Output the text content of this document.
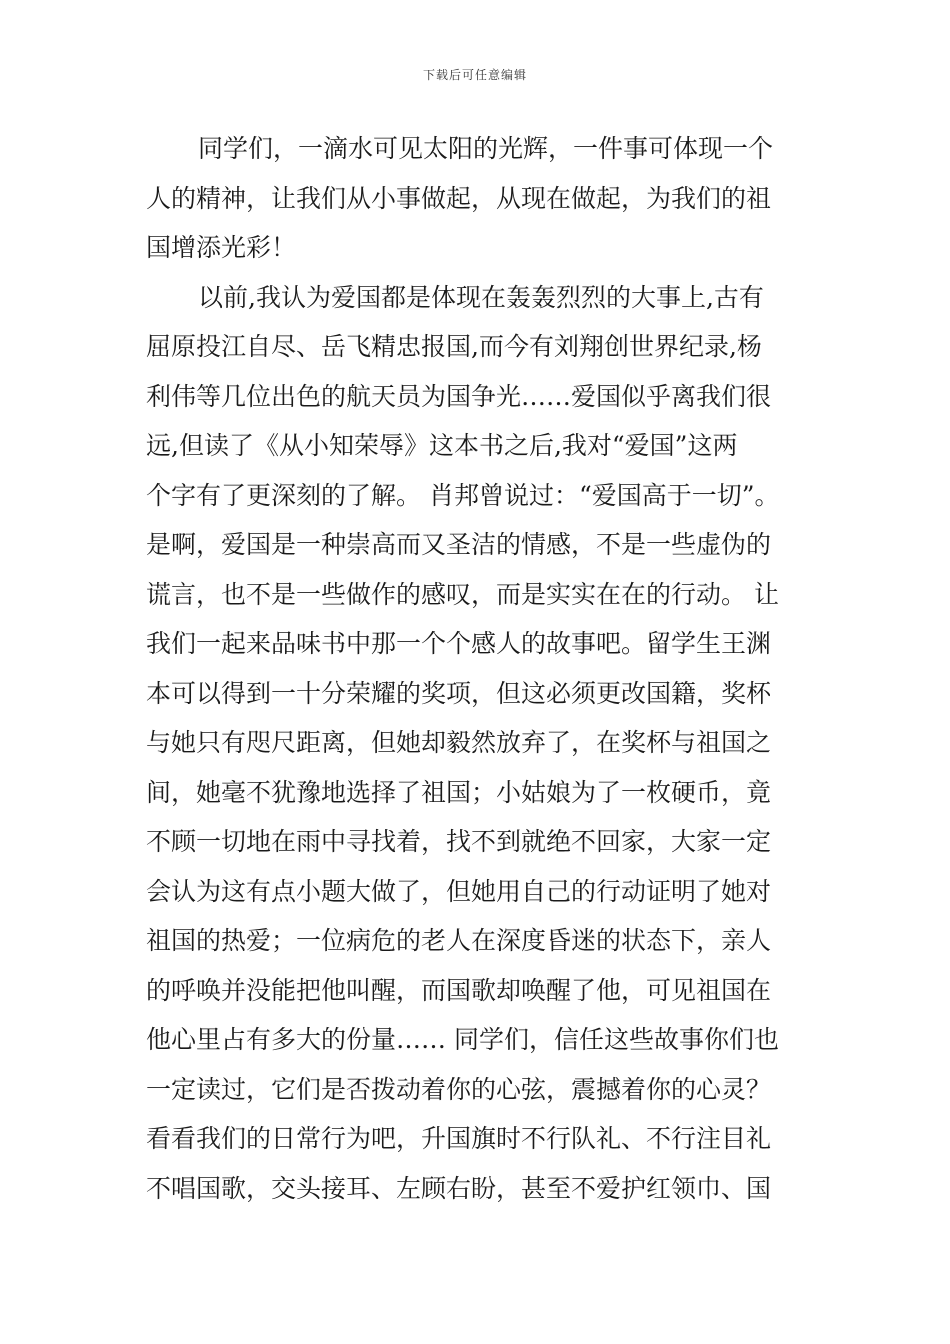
下载后可任意编辑
同学们，一滴水可见太阳的光辉，一件事可体现一个
人的精神，让我们从小事做起，从现在做起，为我们的祖
国增添光彩！
以前,我认为爱国都是体现在轰轰烈烈的大事上,古有
屈原投江自尽、岳飞精忠报国,而今有刘翔创世界纪录,杨
利伟等几位出色的航天员为国争光……爱国似乎离我们很
远,但读了《从小知荣辱》这本书之后,我对“爱国”这两
个字有了更深刻的了解。 肖邦曾说过：“爱国高于一切”。
是啊，爱国是一种崇高而又圣洁的情感，不是一些虚伪的
谎言，也不是一些做作的感叹，而是实实在在的行动。 让
我们一起来品味书中那一个个感人的故事吧。留学生王渊
本可以得到一十分荣耀的奖项，但这必须更改国籍，奖杯
与她只有咫尺距离，但她却毅然放弃了，在奖杯与祖国之
间，她毫不犹豫地选择了祖国；小姑娘为了一枚硬币，竟
不顾一切地在雨中寻找着，找不到就绝不回家，大家一定
会认为这有点小题大做了，但她用自己的行动证明了她对
祖国的热爱；一位病危的老人在深度昏迷的状态下，亲人
的呼唤并没能把他叫醒，而国歌却唤醒了他，可见祖国在
他心里占有多大的份量…… 同学们，信任这些故事你们也
一定读过，它们是否拨动着你的心弦，震撼着你的心灵？
看看我们的日常行为吧，升国旗时不行队礼、不行注目礼
不唱国歌，交头接耳、左顾右盼，甚至不爱护红领巾、国
